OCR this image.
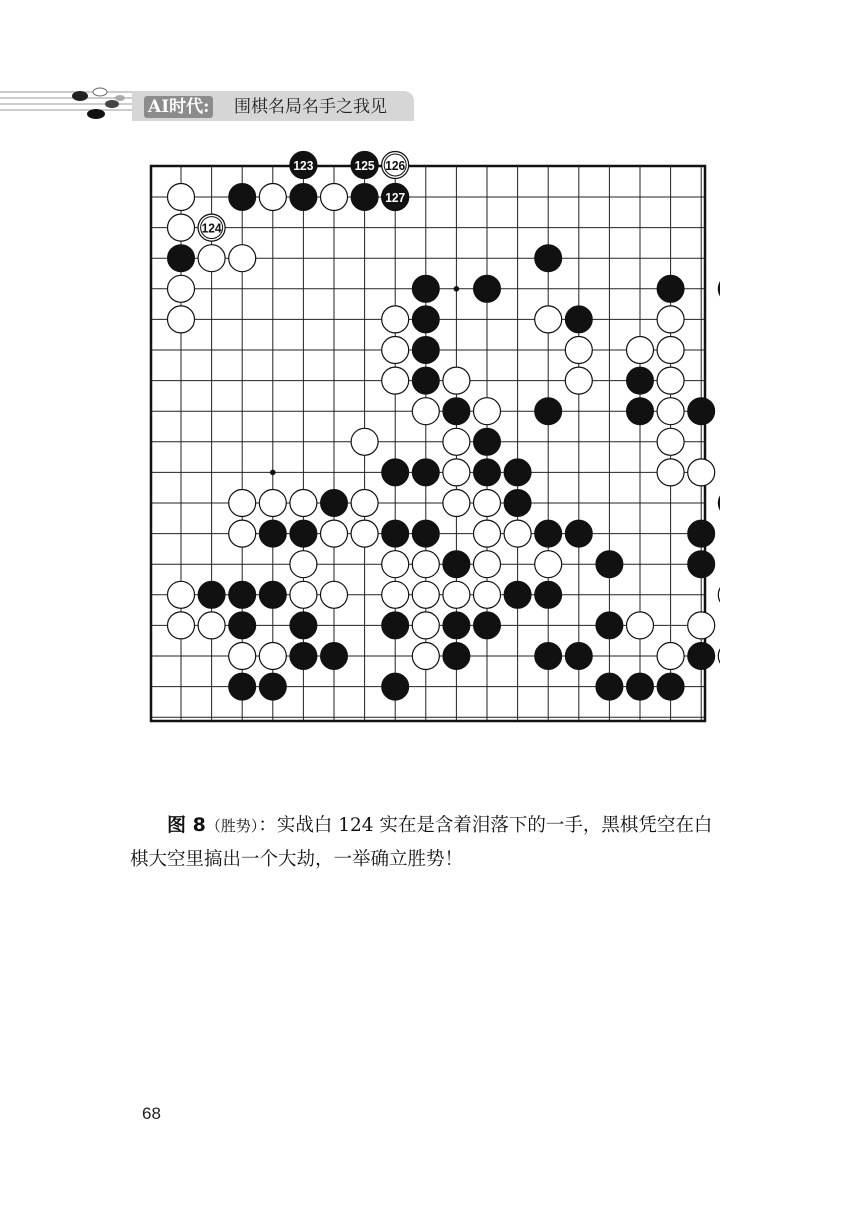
AI时代: 围棋名局名手之我见
123
124
125 126
127

  图 8（胜势）：实战白 124 实在是含着泪落下的一手，黑棋凭空在白棋大空里搞出一个大劫，一举确立胜势！

68
